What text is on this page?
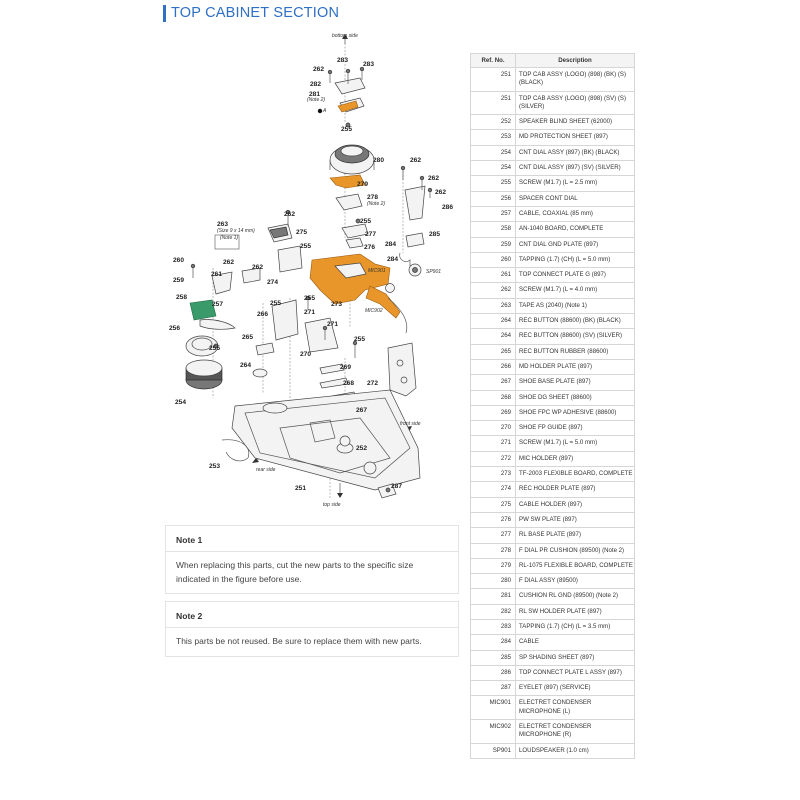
TOP CABINET SECTION
bottom side
top side
front side
rear side
(Note 2)
(Note 2)
(Size 9 x 14 mm)
(Note 1)
A
MIC901
MIC902
SP901
283
262
283
282
281
255
280
279
278
255
277
276
262
262
262
286
285
284
284
273
262
275
255
263
262
262
260
261
259	274
255
255
258
257
266	271
271
256
265
255
255
270
264	269
268 272
267
254
252
253
251	287
Note 1
When replacing this parts, cut the new parts to the specific size indicated in the figure before use.
Note 2
This parts be not reused. Be sure to replace them with new parts.
Ref. No.	Description
251	TOP CAB ASSY (LOGO) (898) (BK) (S) (BLACK)
251	TOP CAB ASSY (LOGO) (898) (SV) (S) (SILVER)
252	SPEAKER BLIND SHEET (62000)
253	MD PROTECTION SHEET (897)
254	CNT DIAL ASSY (897) (BK) (BLACK)
254	CNT DIAL ASSY (897) (SV) (SILVER)
255	SCREW (M1.7) (L = 2.5 mm)
256	SPACER CONT DIAL
257	CABLE, COAXIAL (85 mm)
258	AN-1040 BOARD, COMPLETE
259	CNT DIAL GND PLATE (897)
260	TAPPING (1.7) (CH) (L = 5.0 mm)
261	TOP CONNECT PLATE G (897)
262	SCREW (M1.7) (L = 4.0 mm)
263	TAPE AS (2040) (Note 1)
264	REC BUTTON (88600) (BK) (BLACK)
264	REC BUTTON (88600) (SV) (SILVER)
265	REC BUTTON RUBBER (88600)
266	MD HOLDER PLATE (897)
267	SHOE BASE PLATE (897)
268	SHOE DG SHEET (88600)
269	SHOE FPC WP ADHESIVE (88600)
270	SHOE FP GUIDE (897)
271	SCREW (M1.7) (L = 5.0 mm)
272	MIC HOLDER (897)
273	TF-2003 FLEXIBLE BOARD, COMPLETE
274	REC HOLDER PLATE (897)
275	CABLE HOLDER (897)
276	PW SW PLATE (897)
277	RL BASE PLATE (897)
278	F DIAL PR CUSHION (89500) (Note 2)
279	RL-1075 FLEXIBLE BOARD, COMPLETE
280	F DIAL ASSY (89500)
281	CUSHION RL GND (89500) (Note 2)
282	RL SW HOLDER PLATE (897)
283	TAPPING (1.7) (CH) (L = 3.5 mm)
284	CABLE
285	SP SHADING SHEET (897)
286	TOP CONNECT PLATE L ASSY (897)
287	EYELET (897) (SERVICE)
MIC901	ELECTRET CONDENSER MICROPHONE (L)
MIC902	ELECTRET CONDENSER MICROPHONE (R)
SP901	LOUDSPEAKER (1.0 cm)
